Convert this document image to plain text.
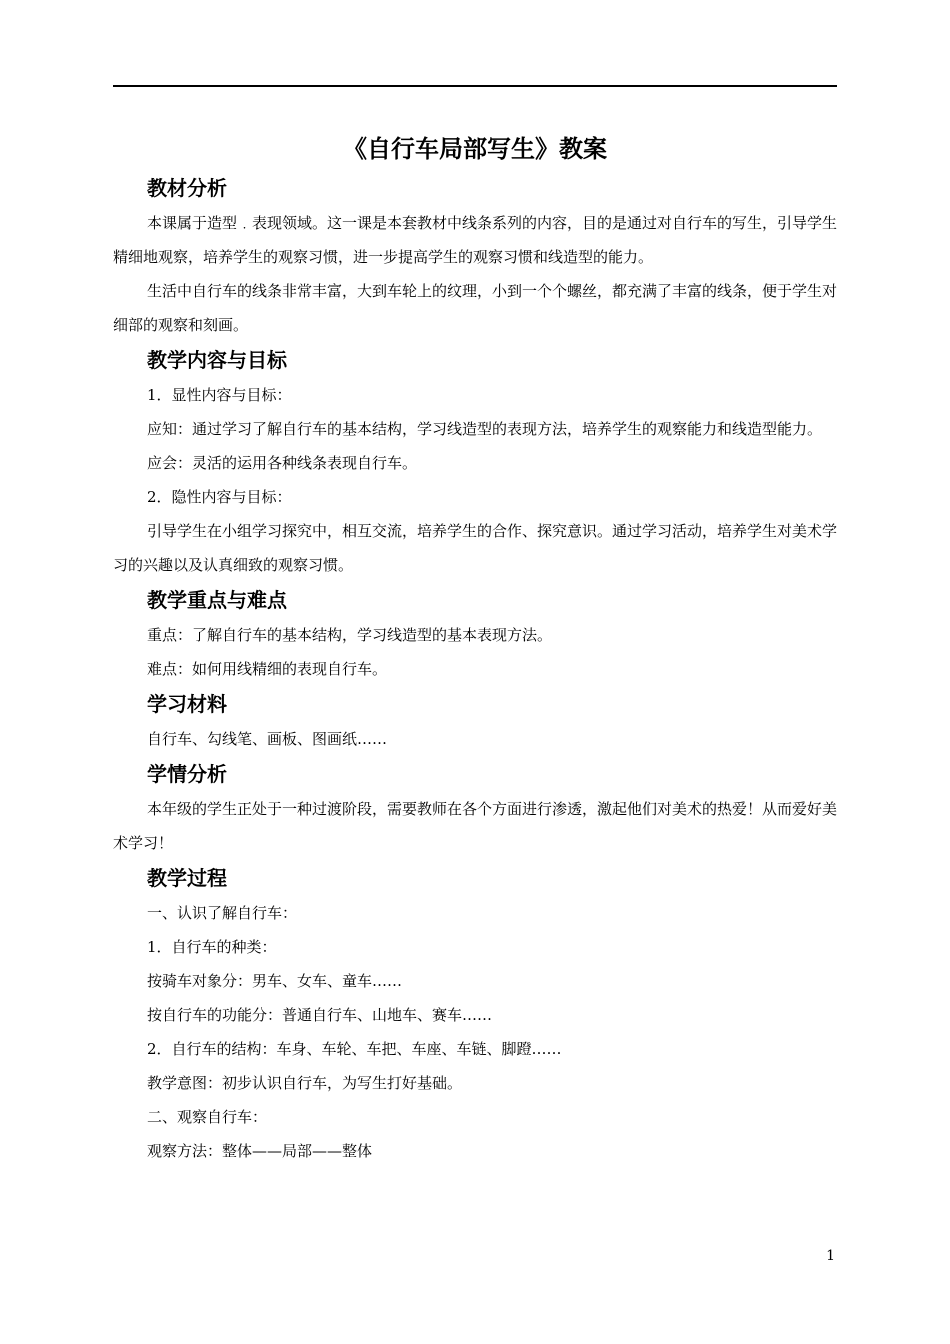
《自行车局部写生》教案
教材分析

本课属于造型﹒表现领域。这一课是本套教材中线条系列的内容，目的是通过对自行车的写生，引导学生精细地观察，培养学生的观察习惯，进一步提高学生的观察习惯和线造型的能力。

生活中自行车的线条非常丰富，大到车轮上的纹理，小到一个个螺丝，都充满了丰富的线条，便于学生对细部的观察和刻画。

教学内容与目标

1．显性内容与目标：

应知：通过学习了解自行车的基本结构，学习线造型的表现方法，培养学生的观察能力和线造型能力。

应会：灵活的运用各种线条表现自行车。

2．隐性内容与目标：

引导学生在小组学习探究中，相互交流，培养学生的合作、探究意识。通过学习活动，培养学生对美术学习的兴趣以及认真细致的观察习惯。

教学重点与难点

重点：了解自行车的基本结构，学习线造型的基本表现方法。

难点：如何用线精细的表现自行车。

学习材料

自行车、勾线笔、画板、图画纸……

学情分析

本年级的学生正处于一种过渡阶段，需要教师在各个方面进行渗透，激起他们对美术的热爱！从而爱好美术学习！

教学过程

一、认识了解自行车：

1．自行车的种类：

按骑车对象分：男车、女车、童车……

按自行车的功能分：普通自行车、山地车、赛车……

2．自行车的结构：车身、车轮、车把、车座、车链、脚蹬……

教学意图：初步认识自行车，为写生打好基础。

二、观察自行车：

观察方法：整体——局部——整体

1
